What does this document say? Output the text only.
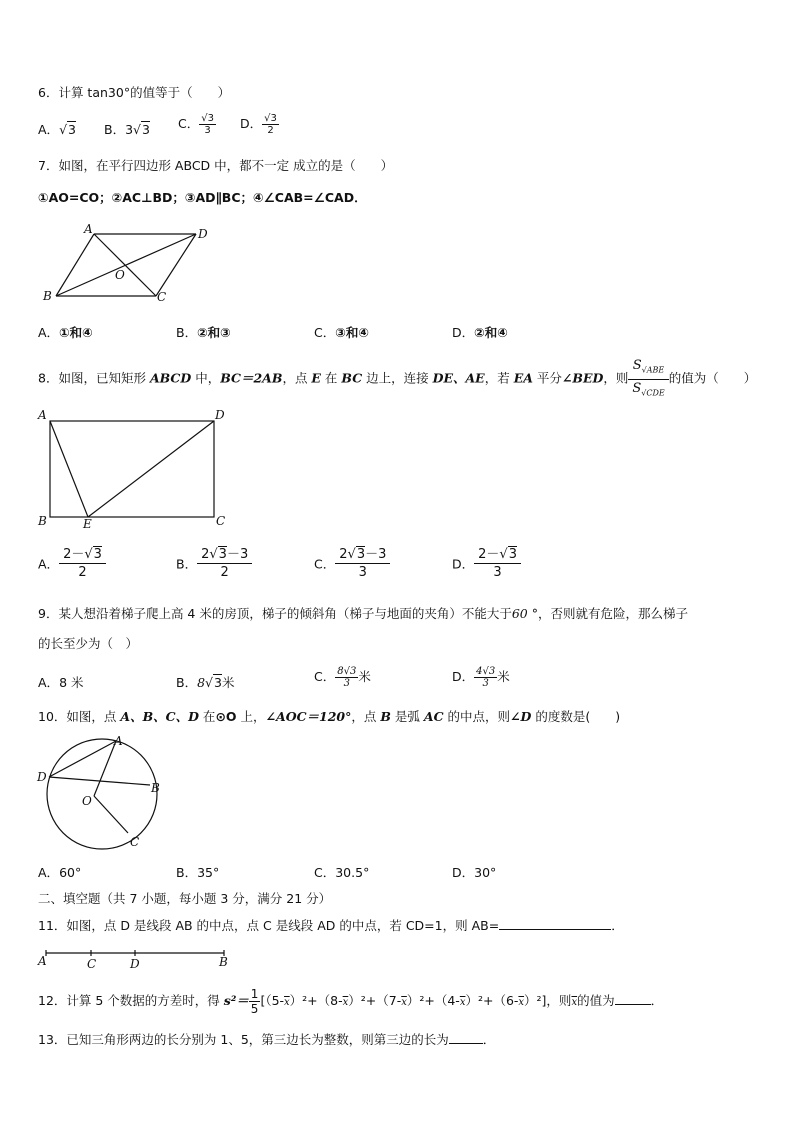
6．计算 tan30°的值等于（　　）
A．√3 B．3√3 C． $\frac{√3}{3}$ D． $\frac{√3}{2}$
7．如图，在平行四边形 ABCD 中，都不一定 成立的是（　　）
①AO=CO；②AC⊥BD；③AD∥BC；④∠CAB=∠CAD．
A	D
O
B	C
A．①和④	B．②和③	C．③和④	D．②和④
8．如图，已知矩形 ABCD 中，BC＝2AB，点 E 在 BC 边上，连接 DE、AE，若 EA 平分∠BED，则 $\frac{S_{√ABE}}{S_{√CDE}}$ 的值为（　　）
A	D
B	E	C
A． $\frac{2-√3}{2}$	B． $\frac{2√3-3}{2}$	C． $\frac{2√3-3}{3}$	D． $\frac{2-√3}{3}$
9．某人想沿着梯子爬上高 4 米的房顶，梯子的倾斜角（梯子与地面的夹角）不能大于60 °，否则就有危险，那么梯子
的长至少为（　）
A．8 米	B．8√3米	C． $\frac{8√3}{3}$ 米	D． $\frac{4√3}{3}$ 米
10．如图，点 A、B、C、D 在⊙O 上，∠AOC＝120°，点 B 是弧 AC 的中点，则∠D 的度数是(　　)
A
D
B
O
C
A．60°	B．35°	C．30.5°	D．30°
二、填空题（共 7 小题，每小题 3 分，满分 21 分）
11．如图，点 D 是线段 AB 的中点，点 C 是线段 AD 的中点，若 CD=1，则 AB=	．
A	C	D	B
12．计算 5 个数据的方差时，得 $s^2= \frac{1}{5} [(5-\overline{x})^2+(8-\overline{x})^2+(7-\overline{x})^2+(4-\overline{x})^2+(6-\overline{x})^2]$，则$\overline{x}$的值为	．
13．已知三角形两边的长分别为 1、5，第三边长为整数，则第三边的长为	．
